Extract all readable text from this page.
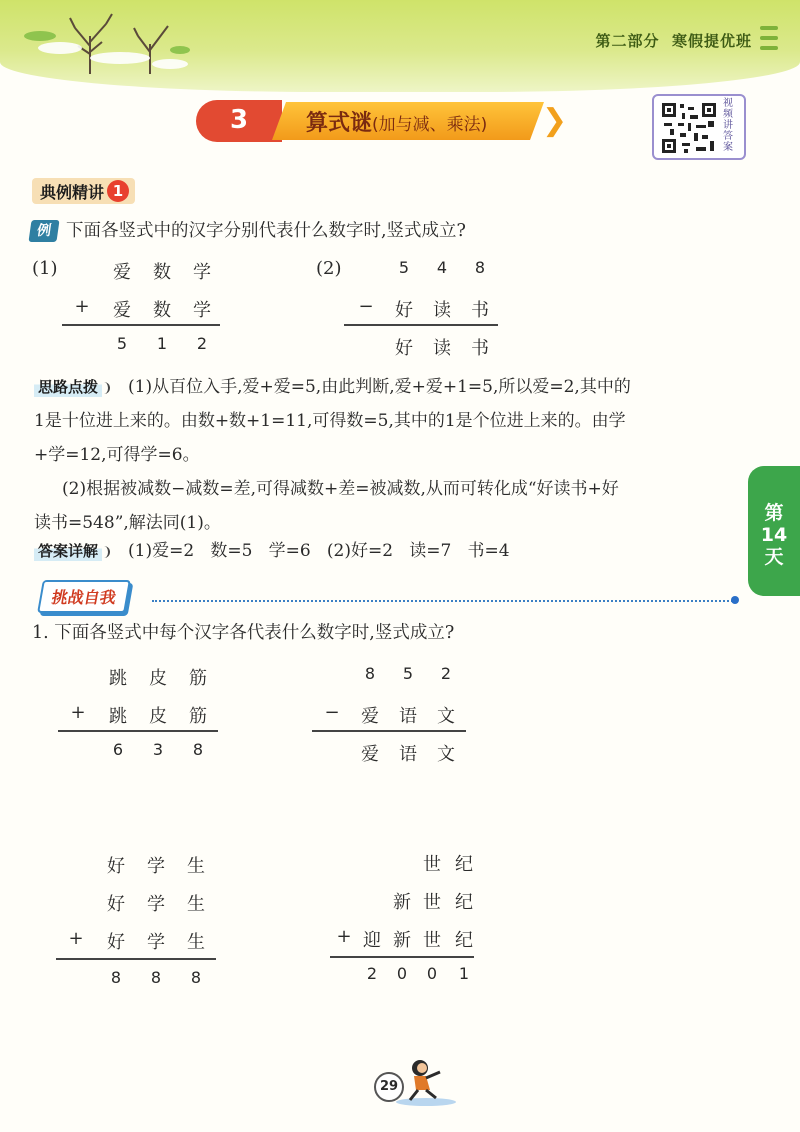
第二部分 寒假提优班
3	算式谜(加与减、乘法) ❯	视频讲答案
典例精讲 1
例 下面各竖式中的汉字分别代表什么数字时,竖式成立?
(1)	爱 数 学
+ 爱 数 学
5	1	2
(2)	5	4	8
− 好 读 书
好 读 书
思路点拨 (1)从百位入手,爱+爱=5,由此判断,爱+爱+1=5,所以爱=2,其中的
1是十位进上来的。由数+数+1=11,可得数=5,其中的1是个位进上来的。由学
+学=12,可得学=6。
(2)根据被减数−减数=差,可得减数+差=被减数,从而可转化成“好读书+好
读书=548”,解法同(1)。
答案详解 (1)爱=2   数=5   学=6   (2)好=2   读=7   书=4
第
14
天
挑战自我
1. 下面各竖式中每个汉字各代表什么数字时,竖式成立?
跳 皮 筋
+ 跳 皮 筋
6	3	8
8	5	2
− 爱 语 文
爱 语 文
好 学 生
好 学 生
+ 好 学 生
8	8	8
世 纪
新 世 纪
+ 迎 新 世 纪
2	0	0	1
29
